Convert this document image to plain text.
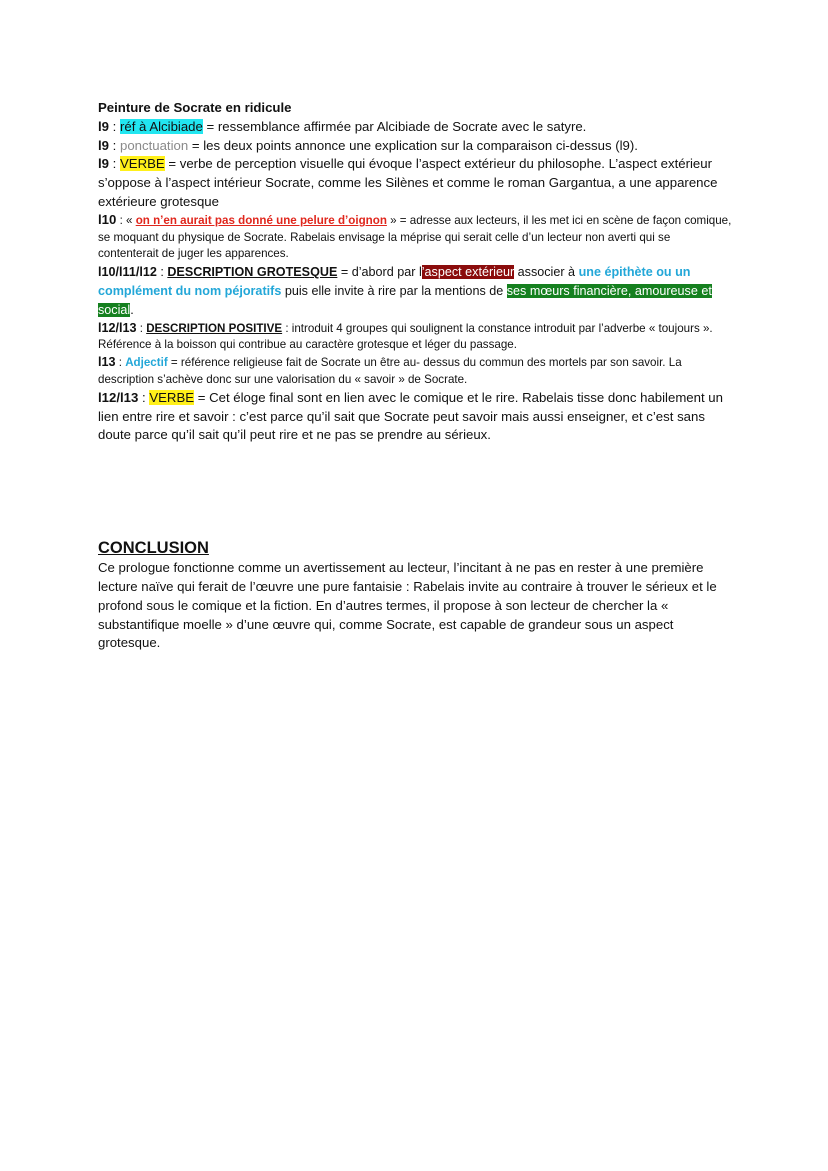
Peinture de Socrate en ridicule

l9 : réf à Alcibiade = ressemblance affirmée par Alcibiade de Socrate avec le satyre.

l9 : ponctuation = les deux points annonce une explication sur la comparaison ci-dessus (l9).

l9 : VERBE = verbe de perception visuelle qui évoque l’aspect extérieur du philosophe. L’aspect extérieur s’oppose à l’aspect intérieur Socrate, comme les Silènes et comme le roman Gargantua, a une apparence extérieure grotesque

l10 : « on n’en aurait pas donné une pelure d’oignon » = adresse aux lecteurs, il les met ici en scène de façon comique, se moquant du physique de Socrate. Rabelais envisage la méprise qui serait celle d’un lecteur non averti qui se contenterait de juger les apparences.

l10/l11/l12 : DESCRIPTION GROTESQUE = d’abord par l’aspect extérieur associer à une épithète ou un complément du nom péjoratifs puis elle invite à rire par la mentions de ses mœurs financière, amoureuse et social.

l12/l13 : DESCRIPTION POSITIVE : introduit 4 groupes qui soulignent la constance introduit par l’adverbe « toujours ». Référence à la boisson qui contribue au caractère grotesque et léger du passage.

l13 : Adjectif = référence religieuse fait de Socrate un être au- dessus du commun des mortels par son savoir. La description s’achève donc sur une valorisation du « savoir » de Socrate.

l12/l13 : VERBE = Cet éloge final sont en lien avec le comique et le rire. Rabelais tisse donc habilement un lien entre rire et savoir : c’est parce qu’il sait que Socrate peut savoir mais aussi enseigner, et c’est sans doute parce qu’il sait qu’il peut rire et ne pas se prendre au sérieux.

CONCLUSION

Ce prologue fonctionne comme un avertissement au lecteur, l’incitant à ne pas en rester à une première lecture naïve qui ferait de l’œuvre une pure fantaisie : Rabelais invite au contraire à trouver le sérieux et le profond sous le comique et la fiction. En d’autres termes, il propose à son lecteur de chercher la « substantifique moelle » d’une œuvre qui, comme Socrate, est capable de grandeur sous un aspect grotesque.
